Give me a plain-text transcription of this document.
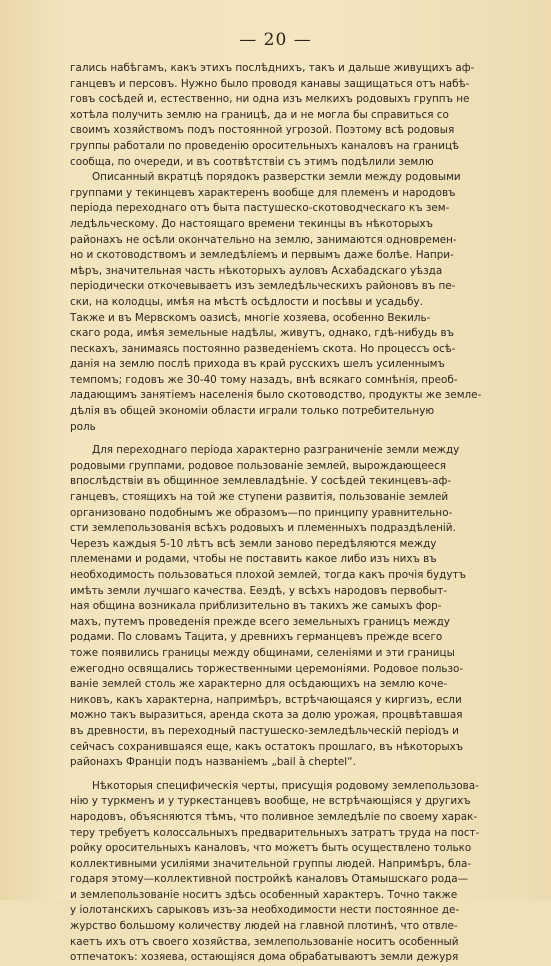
— 20 —
гались набѣгамъ, какъ этихъ послѣднихъ, такъ и дальше живущихъ аф-
ганцевъ и персовъ. Нужно было проводя канавы защищаться отъ набѣ-
говъ сосѣдей и, естественно, ни одна изъ мелкихъ родовыхъ группъ не
хотѣла получить землю на границѣ, да и не могла бы справиться со
своимъ хозяйствомъ подъ постоянной угрозой. Поэтому всѣ родовыя
группы работали по проведенію оросительныхъ каналовъ на границѣ
сообща, по очереди, и въ соотвѣтствіи съ этимъ подѣлили землю
Описанный вкратцѣ порядокъ разверстки земли между родовыми
группами у текинцевъ характеренъ вообще для племенъ и народовъ
періода переходнаго отъ быта пастушеско-скотоводческаго къ зем-
ледѣльческому. До настоящаго времени текинцы въ нѣкоторыхъ
районахъ не осѣли окончательно на землю, занимаются одновремен-
но и скотоводствомъ и земледѣліемъ и первымъ даже болѣе. Напри-
мѣръ, значительная часть нѣкоторыхъ ауловъ Асхабадскаго уѣзда
періодически откочевываетъ изъ земледѣльческихъ районовъ въ пе-
ски, на колодцы, имѣя на мѣстѣ осѣдлости и посѣвы и усадьбу.
Также и въ Мервскомъ оазисѣ, многіе хозяева, особенно Векиль-
скаго рода, имѣя земельные надѣлы, живутъ, однако, гдѣ-нибудь въ
пескахъ, занимаясь постоянно разведеніемъ скота. Но процессъ осѣ-
данія на землю послѣ прихода въ край русскихъ шелъ усиленнымъ
темпомъ; годовъ же 30-40 тому назадъ, внѣ всякаго сомнѣнія, преоб-
ладающимъ занятіемъ населенія было скотоводство, продукты же земле-
дѣлія въ общей экономіи области играли только потребительную
роль
Для переходнаго періода характерно разграниченіе земли между
родовыми группами, родовое пользованіе землей, вырождающееся
впослѣдствіи въ общинное землевладѣніе. У сосѣдей текинцевъ-аф-
ганцевъ, стоящихъ на той же ступени развитія, пользованіе землей
организовано подобнымъ же образомъ—по принципу уравнительно-
сти землепользованія всѣхъ родовыхъ и племенныхъ подраздѣленій.
Черезъ каждыя 5-10 лѣтъ всѣ земли заново передѣляются между
племенами и родами, чтобы не поставить какое либо изъ нихъ въ
необходимость пользоваться плохой землей, тогда какъ прочія будутъ
имѣть земли лучшаго качества. Ееэдѣ, у всѣхъ народовъ первобыт-
ная община возникала приблизительно въ такихъ же самыхъ фор-
махъ, путемъ проведенія прежде всего земельныхъ границъ между
родами. По словамъ Тацита, у древнихъ германцевъ прежде всего
тоже появились границы между общинами, селеніями и эти границы
ежегодно освящались торжественными церемоніями. Родовое пользо-
ваніе землей столь же характерно для осѣдающихъ на землю коче-
никовъ, какъ характерна, напримѣръ, встрѣчающаяся у киргизъ, если
можно такъ выразиться, аренда скота за долю урожая, процвѣтавшая
въ древности, въ переходный пастушеско-земледѣльческій періодъ и
сейчасъ сохранившаяся еще, какъ остатокъ прошлаго, въ нѣкоторыхъ
районахъ Франціи подъ названіемъ „bail à cheptel“.
Нѣкоторыя специфическія черты, присущія родовому землепользова-
нію у туркменъ и у туркестанцевъ вообще, не встрѣчающіяся у другихъ
народовъ, объясняются тѣмъ, что поливное земледѣліе по своему харак-
теру требуетъ колоссальныхъ предварительныхъ затратъ труда на пост-
ройку оросительныхъ каналовъ, что можетъ быть осуществлено только
коллективными усиліями значительной группы людей. Напримѣръ, бла-
годаря этому—коллективной постройкѣ каналовъ Отамышскаго рода—
и землепользованіе носитъ здѣсь особенный характеръ. Точно также
у іолотанскихъ сарыковъ изъ-за необходимости нести постоянное де-
журство большому количеству людей на главной плотинѣ, что отвле-
каетъ ихъ отъ своего хозяйства, землепользованіе носитъ особенный
отпечатокъ: хозяева, остающіяся дома обрабатываютъ земли дежуря
